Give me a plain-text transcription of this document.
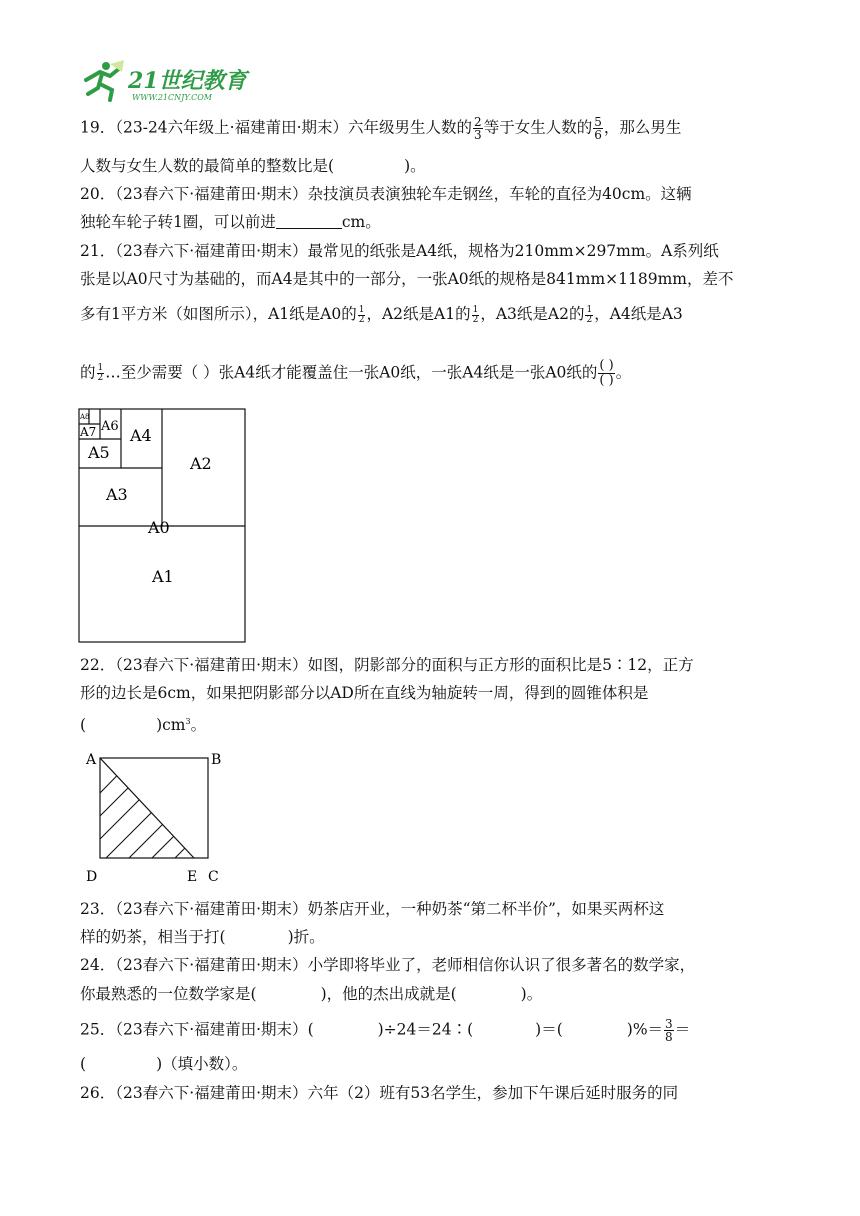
21世纪教育
WWW.21CNJY.COM
19．（23-24六年级上·福建莆田·期末）六年级男生人数的 $\frac{2}{3}$ 等于女生人数的 $\frac{5}{6}$ ，那么男生
人数与女生人数的最简单的整数比是(	)。
20．（23春六下·福建莆田·期末）杂技演员表演独轮车走钢丝，车轮的直径为40cm。这辆
独轮车轮子转1圈，可以前进	cm。
21．（23春六下·福建莆田·期末）最常见的纸张是A4纸，规格为210mm×297mm。A系列纸
张是以A0尺寸为基础的，而A4是其中的一部分，一张A0纸的规格是841mm×1189mm，差不
多有1平方米（如图所示），A1纸是A0的 $\frac{1}{2}$ ，A2纸是A1的 $\frac{1}{2}$ ，A3纸是A2的 $\frac{1}{2}$ ，A4纸是A3
的 $\frac{1}{2}$ …至少需要（ ）张A4纸才能覆盖住一张A0纸，一张A4纸是一张A0纸的 $\frac{( )}{( )}$ 。
A8
A7 A6
A5
A4
A3
A2
A0
A1
22．（23春六下·福建莆田·期末）如图，阴影部分的面积与正方形的面积比是5∶12，正方
形的边长是6cm，如果把阴影部分以AD所在直线为轴旋转一周，得到的圆锥体积是
(	)$cm^3$。
A	B
D	E C
23．（23春六下·福建莆田·期末）奶茶店开业，一种奶茶“第二杯半价”，如果买两杯这
样的奶茶，相当于打(	)折。
24．（23春六下·福建莆田·期末）小学即将毕业了，老师相信你认识了很多著名的数学家，
你最熟悉的一位数学家是(	)，他的杰出成就是(	)。
25．（23春六下·福建莆田·期末）(	)÷24＝24∶(	)＝(	)%＝ $\frac{3}{8}$ ＝
(	)（填小数）。
26．（23春六下·福建莆田·期末）六年（2）班有53名学生，参加下午课后延时服务的同
